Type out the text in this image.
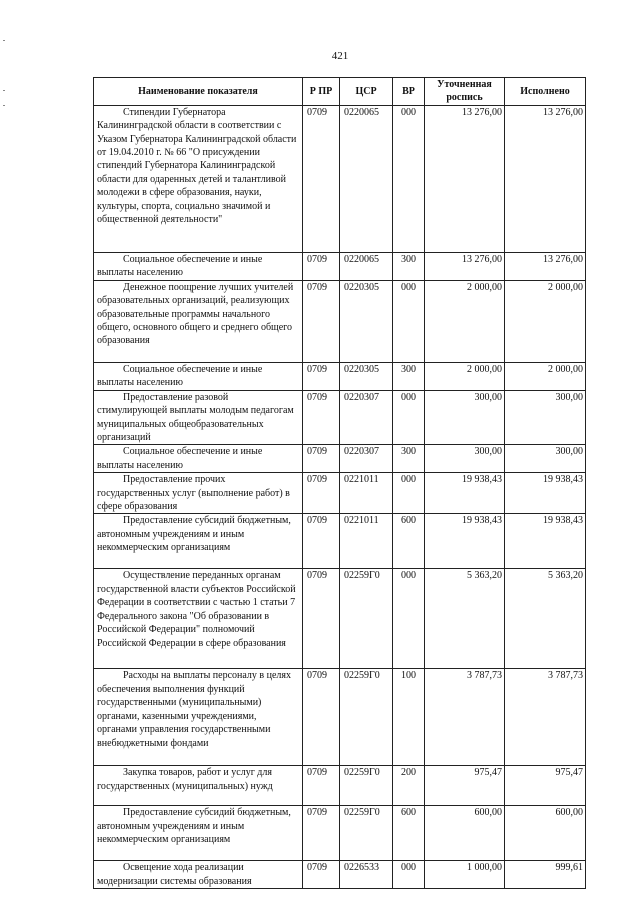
421
Наименование показателя	Р ПР	ЦСР	ВР	Уточненная роспись	Исполнено
Стипендии Губернатора Калининградской области в соответствии с Указом Губернатора Калининградской области от 19.04.2010 г. № 66 "О присуждении стипендий Губернатора Калининградской области для одаренных детей и талантливой молодежи в сфере образования, науки, культуры, спорта, социально значимой и общественной деятельности"	0709	0220065	000	13 276,00	13 276,00
Социальное обеспечение и иные выплаты населению	0709	0220065	300	13 276,00	13 276,00
Денежное поощрение лучших учителей образовательных организаций, реализующих образовательные программы начального общего, основного общего и среднего общего образования	0709	0220305	000	2 000,00	2 000,00
Социальное обеспечение и иные выплаты населению	0709	0220305	300	2 000,00	2 000,00
Предоставление разовой стимулирующей выплаты молодым педагогам муниципальных общеобразовательных организаций	0709	0220307	000	300,00	300,00
Социальное обеспечение и иные выплаты населению	0709	0220307	300	300,00	300,00
Предоставление прочих государственных услуг (выполнение работ) в сфере образования	0709	0221011	000	19 938,43	19 938,43
Предоставление субсидий бюджетным, автономным учреждениям и иным некоммерческим организациям	0709	0221011	600	19 938,43	19 938,43
Осуществление переданных органам государственной власти субъектов Российской Федерации в соответствии с частью 1 статьи 7 Федерального закона "Об образовании в Российской Федерации" полномочий Российской Федерации в сфере образования	0709	02259Г0	000	5 363,20	5 363,20
Расходы на выплаты персоналу в целях обеспечения выполнения функций государственными (муниципальными) органами, казенными учреждениями, органами управления государственными внебюджетными фондами	0709	02259Г0	100	3 787,73	3 787,73
Закупка товаров, работ и услуг для государственных (муниципальных) нужд	0709	02259Г0	200	975,47	975,47
Предоставление субсидий бюджетным, автономным учреждениям и иным некоммерческим организациям	0709	02259Г0	600	600,00	600,00
Освещение хода реализации модернизации системы образования	0709	0226533	000	1 000,00	999,61
